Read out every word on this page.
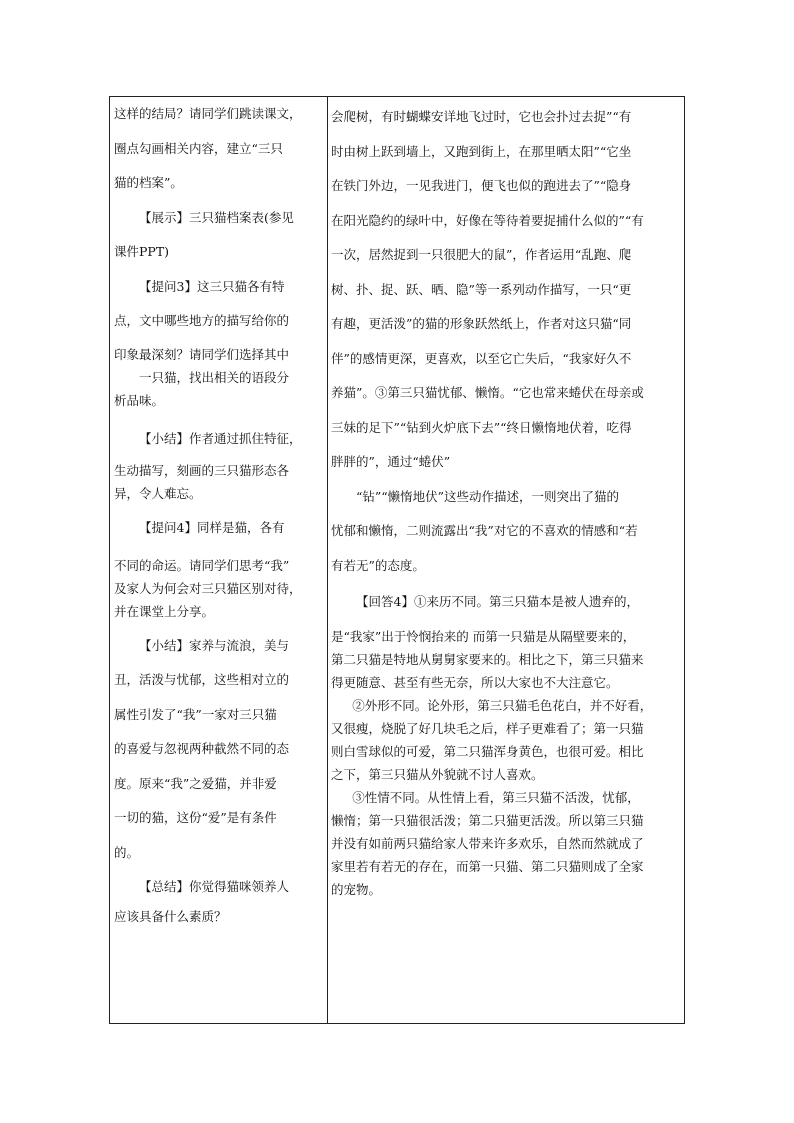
这样的结局？请同学们跳读课文，

圈点勾画相关内容，建立“三只

猫的档案”。

【展示】三只猫档案表(参见

课件PPT)

【提问3】这三只猫各有特

点，文中哪些地方的描写给你的

印象最深刻？请同学们选择其中

一只猫，找出相关的语段分

析品味。

【小结】作者通过抓住特征，

生动描写，刻画的三只猫形态各

异，令人难忘。

【提问4】同样是猫，各有

不同的命运。请同学们思考“我”

及家人为何会对三只猫区别对待，

并在课堂上分享。

【小结】家养与流浪，美与

丑，活泼与忧郁，这些相对立的

属性引发了“我”一家对三只猫

的喜爱与忽视两种截然不同的态

度。原来“我”之爱猫，并非爱

一切的猫，这份“爱”是有条件

的。

【总结】你觉得猫咪领养人

应该具备什么素质？

会爬树，有时蝴蝶安详地飞过时，它也会扑过去捉”“有

时由树上跃到墙上，又跑到街上，在那里晒太阳”“它坐

在铁门外边，一见我进门，便飞也似的跑进去了”“隐身

在阳光隐约的绿叶中，好像在等待着要捉捕什么似的”“有

一次，居然捉到一只很肥大的鼠”，作者运用“乱跑、爬

树、扑、捉、跃、晒、隐”等一系列动作描写，一只“更

有趣，更活泼”的猫的形象跃然纸上，作者对这只猫“同

伴”的感情更深，更喜欢，以至它亡失后，“我家好久不

养猫”。③第三只猫忧郁、懒惰。“它也常来蜷伏在母亲或

三妹的足下”“钻到火炉底下去”“终日懒惰地伏着，吃得

胖胖的”，通过“蜷伏”

“钻”“懒惰地伏”这些动作描述，一则突出了猫的

忧郁和懒惰，二则流露出“我”对它的不喜欢的情感和“若

有若无”的态度。

【回答4】①来历不同。第三只猫本是被人遗弃的，

是“我家”出于怜悯抬来的 而第一只猫是从隔壁要来的，

第二只猫是特地从舅舅家要来的。相比之下，第三只猫来

得更随意、甚至有些无奈，所以大家也不大注意它。

②外形不同。论外形，第三只猫毛色花白，并不好看，

又很瘦，烧脱了好几块毛之后，样子更难看了；第一只猫

则白雪球似的可爱，第二只猫浑身黄色，也很可爱。相比

之下，第三只猫从外貌就不讨人喜欢。

③性情不同。从性情上看，第三只猫不活泼，忧郁，

懒惰；第一只猫很活泼；第二只猫更活泼。所以第三只猫

并没有如前两只猫给家人带来许多欢乐，自然而然就成了

家里若有若无的存在，而第一只猫、第二只猫则成了全家

的宠物。
